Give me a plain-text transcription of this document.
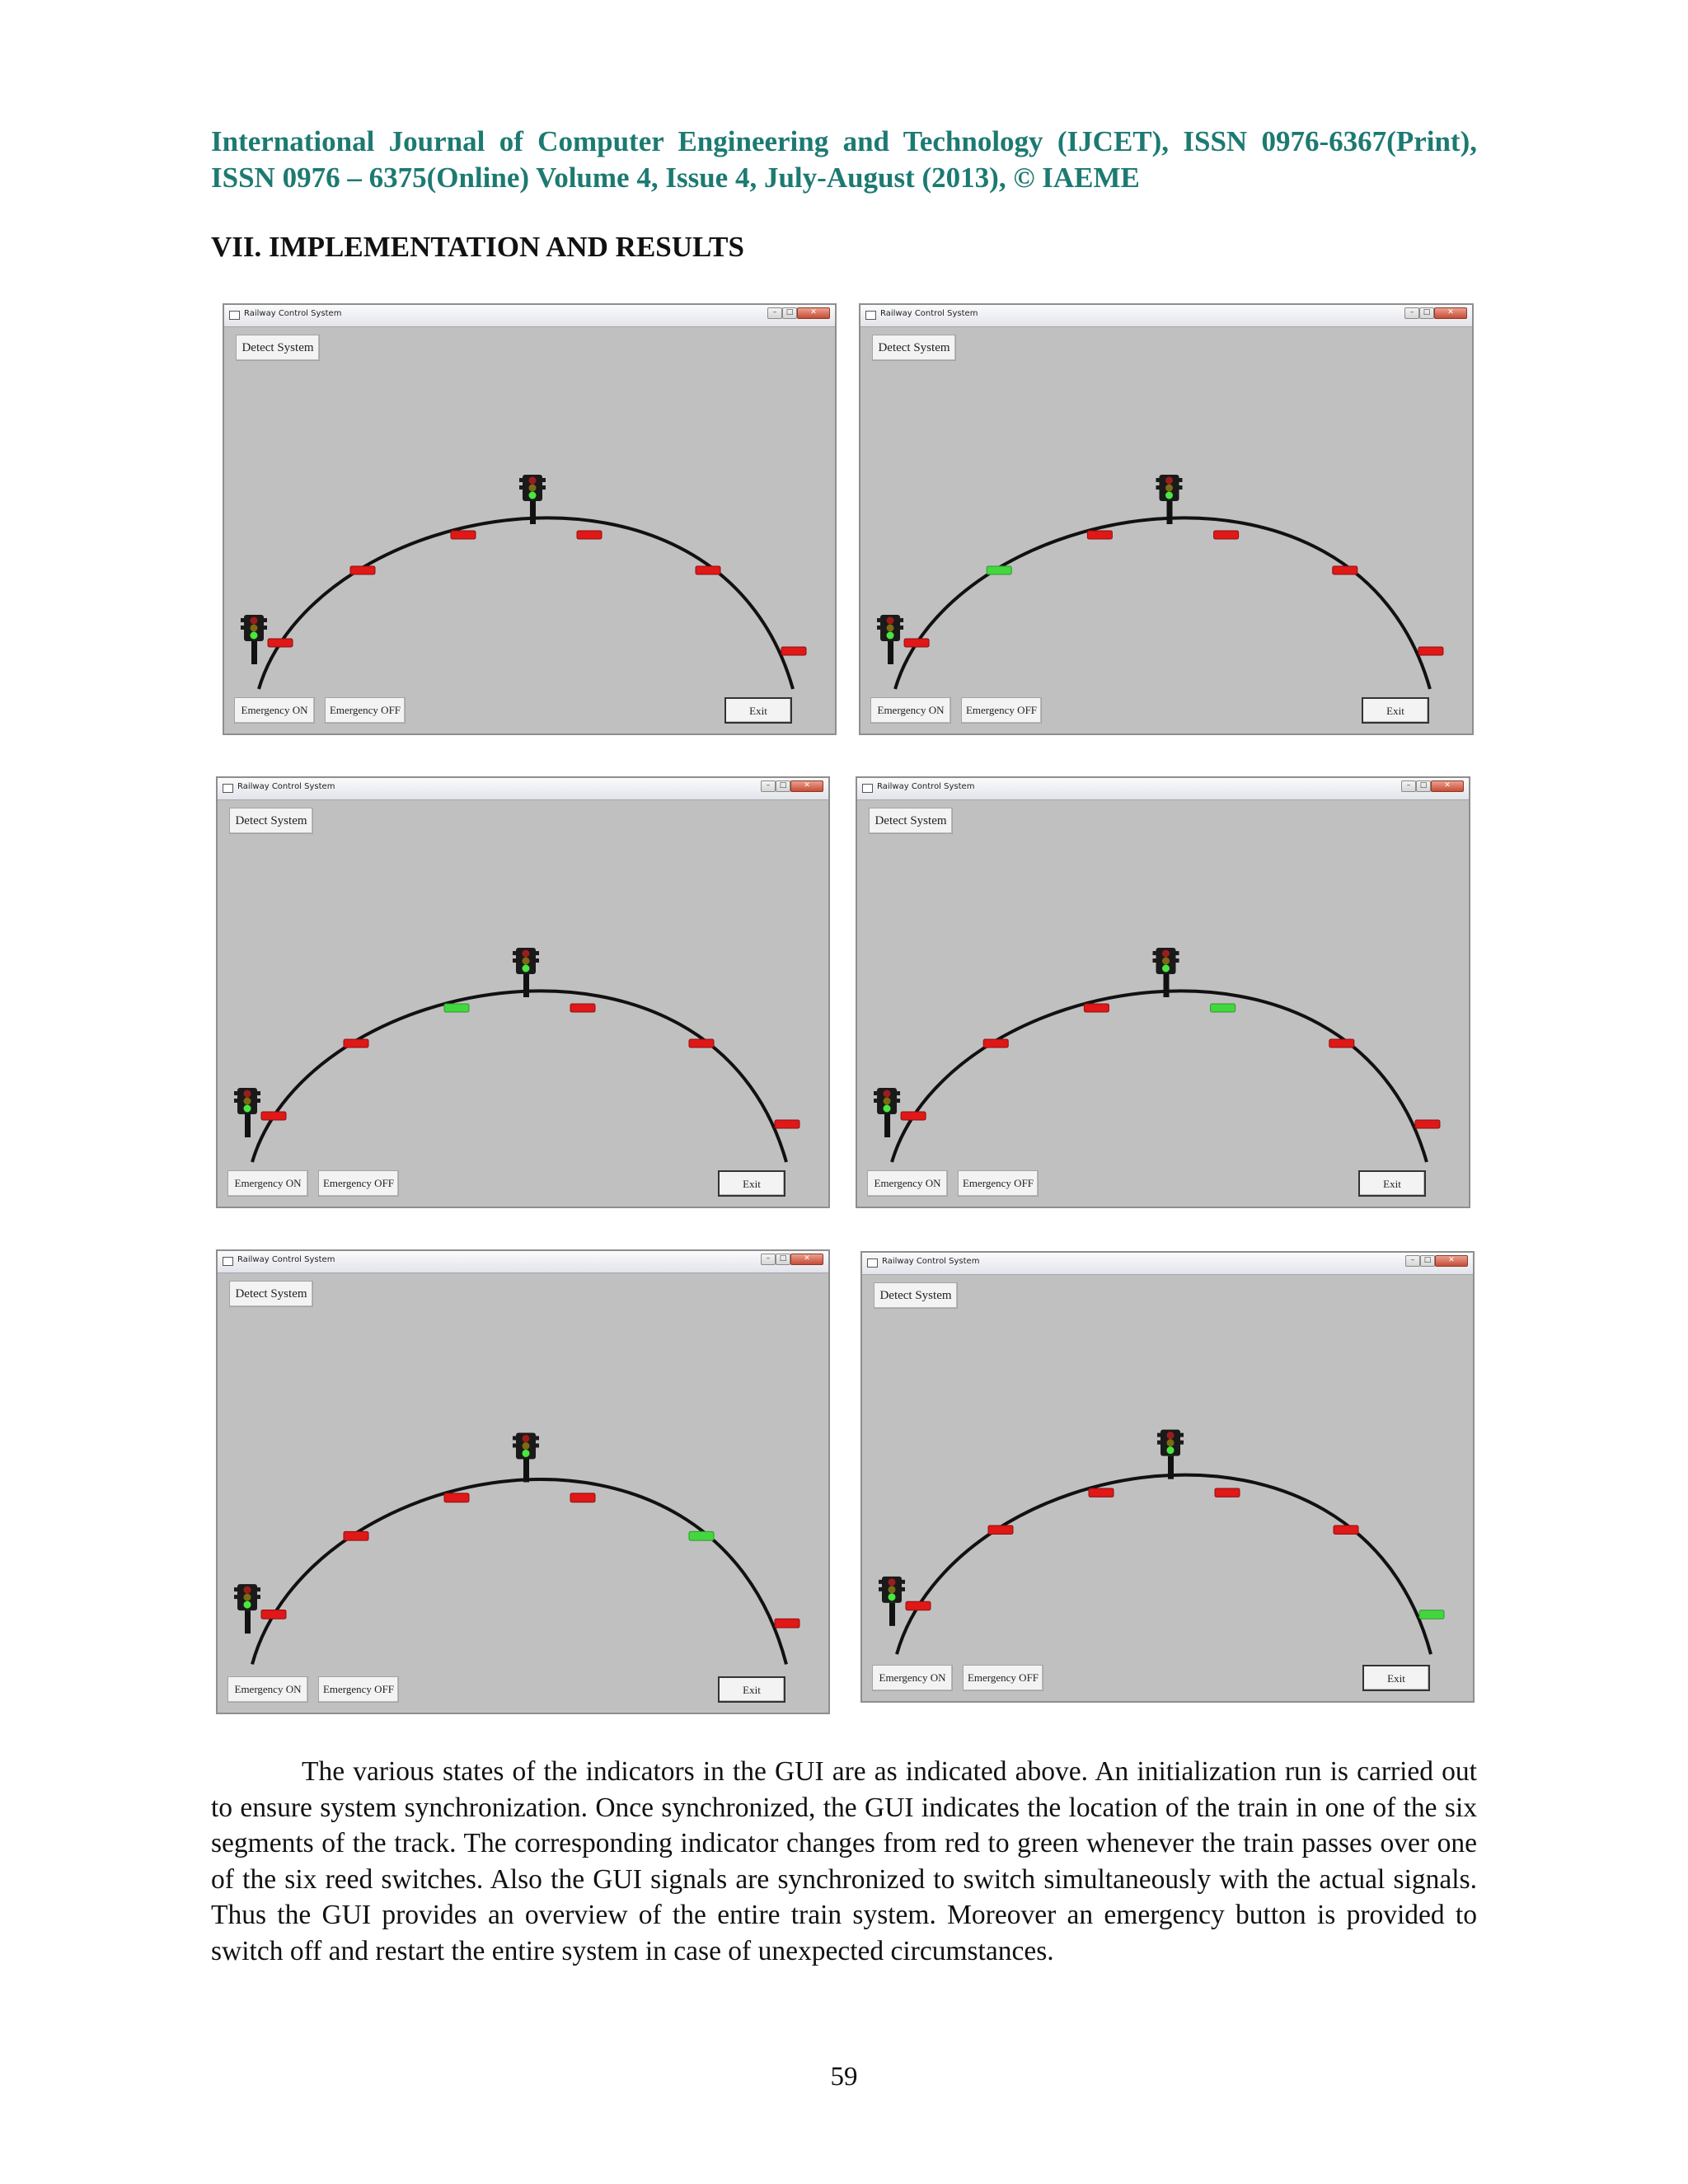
International Journal of Computer Engineering and Technology (IJCET), ISSN 0976-6367(Print), ISSN 0976 – 6375(Online) Volume 4, Issue 4, July-August (2013), © IAEME
VII. IMPLEMENTATION AND RESULTS
Railway Control System	–	□	✕
Detect System
Emergency ON	Emergency OFF	Exit
Railway Control System	–	□	✕
Detect System
Emergency ON	Emergency OFF	Exit
Railway Control System	–	□	✕
Detect System
Emergency ON	Emergency OFF	Exit
Railway Control System	–	□	✕
Detect System
Emergency ON	Emergency OFF	Exit
Railway Control System	–	□	✕
Detect System
Emergency ON	Emergency OFF	Exit
Railway Control System	–	□	✕
Detect System
Emergency ON	Emergency OFF	Exit

The various states of the indicators in the GUI are as indicated above. An initialization run is carried out to ensure system synchronization. Once synchronized, the GUI indicates the location of the train in one of the six segments of the track. The corresponding indicator changes from red to green whenever the train passes over one of the six reed switches. Also the GUI signals are synchronized to switch simultaneously with the actual signals. Thus the GUI provides an overview of the entire train system. Moreover an emergency button is provided to switch off and restart the entire system in case of unexpected circumstances.

59
